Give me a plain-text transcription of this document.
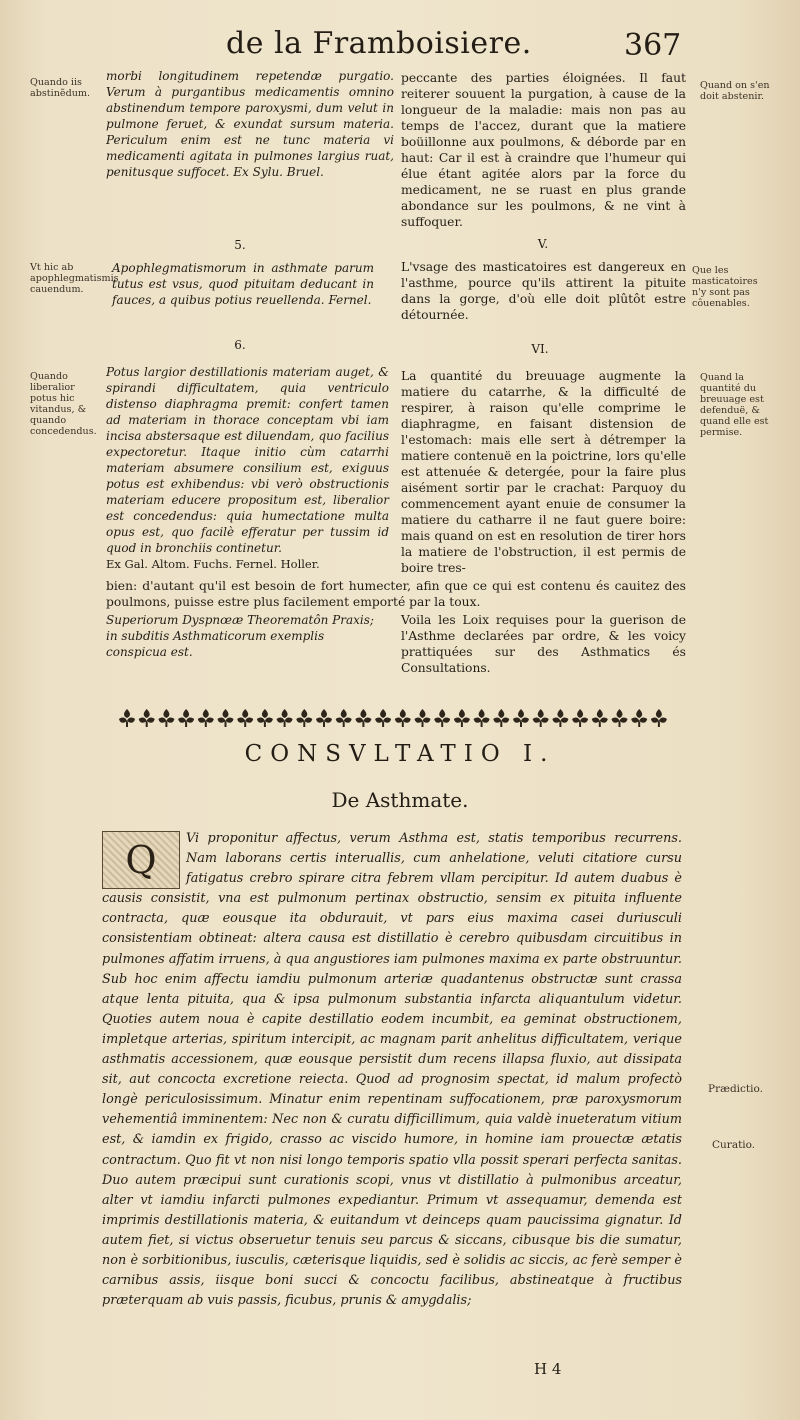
de la Framboisiere.	367
Quando iis abstinẽdum.
morbi longitudinem repetendæ purgatio. Verum à purgantibus medicamentis omnino abstinendum tempore paroxysmi, dum velut in pulmone feruet, & exundat sursum materia. Periculum enim est ne tunc materia vi medicamenti agitata in pulmones largius ruat, penitusque suffocet. Ex Sylu. Bruel.
peccante des parties éloignées. Il faut reiterer souuent la purgation, à cause de la longueur de la maladie: mais non pas au temps de l'accez, durant que la matiere boüillonne aux poulmons, & déborde par en haut: Car il est à craindre que l'humeur qui élue étant agitée alors par la force du medicament, ne se ruast en plus grande abondance sur les poulmons, & ne vint à suffoquer.
Quand on s'en doit abstenir.
5.	V.
Vt hic ab apophlegmatismis cauendum.
Apophlegmatismorum in asthmate parum tutus est vsus, quod pituitam deducant in fauces, a quibus potius reuellenda. Fernel.
L'vsage des masticatoires est dangereux en l'asthme, pource qu'ils attirent la pituite dans la gorge, d'où elle doit plûtôt estre détournée.
Que les masticatoires n'y sont pas côuenables.
6.	VI.
Quando liberalior potus hic vitandus, & quando concedendus.
Potus largior destillationis materiam auget, & spirandi difficultatem, quia ventriculo distenso diaphragma premit: confert tamen ad materiam in thorace conceptam vbi iam incisa abstersaque est diluendam, quo facilius expectoretur. Itaque initio cùm catarrhi materiam absumere consilium est, exiguus potus est exhibendus: vbi verò obstructionis materiam educere propositum est, liberalior est concedendus: quia humectatione multa opus est, quo facilè efferatur per tussim id quod in bronchiis continetur.
Ex Gal. Altom. Fuchs. Fernel. Holler.
La quantité du breuuage augmente la matiere du catarrhe, & la difficulté de respirer, à raison qu'elle comprime le diaphragme, en faisant distension de l'estomach: mais elle sert à détremper la matiere contenuë en la poictrine, lors qu'elle est attenuée & detergée, pour la faire plus aisément sortir par le crachat: Parquoy du commencement ayant enuie de consumer la matiere du catharre il ne faut guere boire: mais quand on est en resolution de tirer hors la matiere de l'obstruction, il est permis de boire tres-
Quand la quantité du breuuage est defenduë, & quand elle est permise.
bien: d'autant qu'il est besoin de fort humecter, afin que ce qui est contenu és cauitez des poulmons, puisse estre plus facilement emporté par la toux.
Superiorum Dyspnœæ Theorematôn Praxis; in subditis Asthmaticorum exemplis conspicua est.
Voila les Loix requises pour la guerison de l'Asthme declarées par ordre, & les voicy prattiquées sur des Asthmatics és Consultations.
CONSVLTATIO I.
De Asthmate.
Q	Vi proponitur affectus, verum Asthma est, statis temporibus recurrens. Nam laborans certis interuallis, cum anhelatione, veluti citatiore cursu fatigatus crebro spirare citra febrem vllam percipitur. Id autem duabus è causis consistit, vna est pulmonum pertinax obstructio, sensim ex pituita influente contracta, quæ eousque ita obdurauit, vt pars eius maxima casei duriusculi consistentiam obtineat: altera causa est distillatio è cerebro quibusdam circuitibus in pulmones affatim irruens, à qua angustiores iam pulmones maxima ex parte obstruuntur. Sub hoc enim affectu iamdiu pulmonum arteriæ quadantenus obstructæ sunt crassa atque lenta pituita, qua & ipsa pulmonum substantia infarcta aliquantulum videtur. Quoties autem noua è capite destillatio eodem incumbit, ea geminat obstructionem, impletque arterias, spiritum intercipit, ac magnam parit anhelitus difficultatem, verique asthmatis accessionem, quæ eousque persistit dum recens illapsa fluxio, aut dissipata sit, aut concocta excretione reiecta. Quod ad prognosim spectat, id malum profectò longè periculosissimum. Minatur enim repentinam suffocationem, præ paroxysmorum vehementiâ imminentem: Nec non & curatu difficillimum, quia valdè inueteratum vitium est, & iamdin ex frigido, crasso ac viscido humore, in homine iam prouectæ ætatis contractum. Quo fit vt non nisi longo temporis spatio vlla possit sperari perfecta sanitas. Duo autem præcipui sunt curationis scopi, vnus vt distillatio à pulmonibus arceatur, alter vt iamdiu infarcti pulmones expediantur. Primum vt assequamur, demenda est imprimis destillationis materia, & euitandum vt deinceps quam paucissima gignatur. Id autem fiet, si victus obseruetur tenuis seu parcus & siccans, cibusque bis die sumatur, non è sorbitionibus, iusculis, cæterisque liquidis, sed è solidis ac siccis, ac ferè semper è carnibus assis, iisque boni succi & concoctu facilibus, abstineatque à fructibus præterquam ab vuis passis, ficubus, prunis & amygdalis;
Prædictio.
Curatio.
H 4
